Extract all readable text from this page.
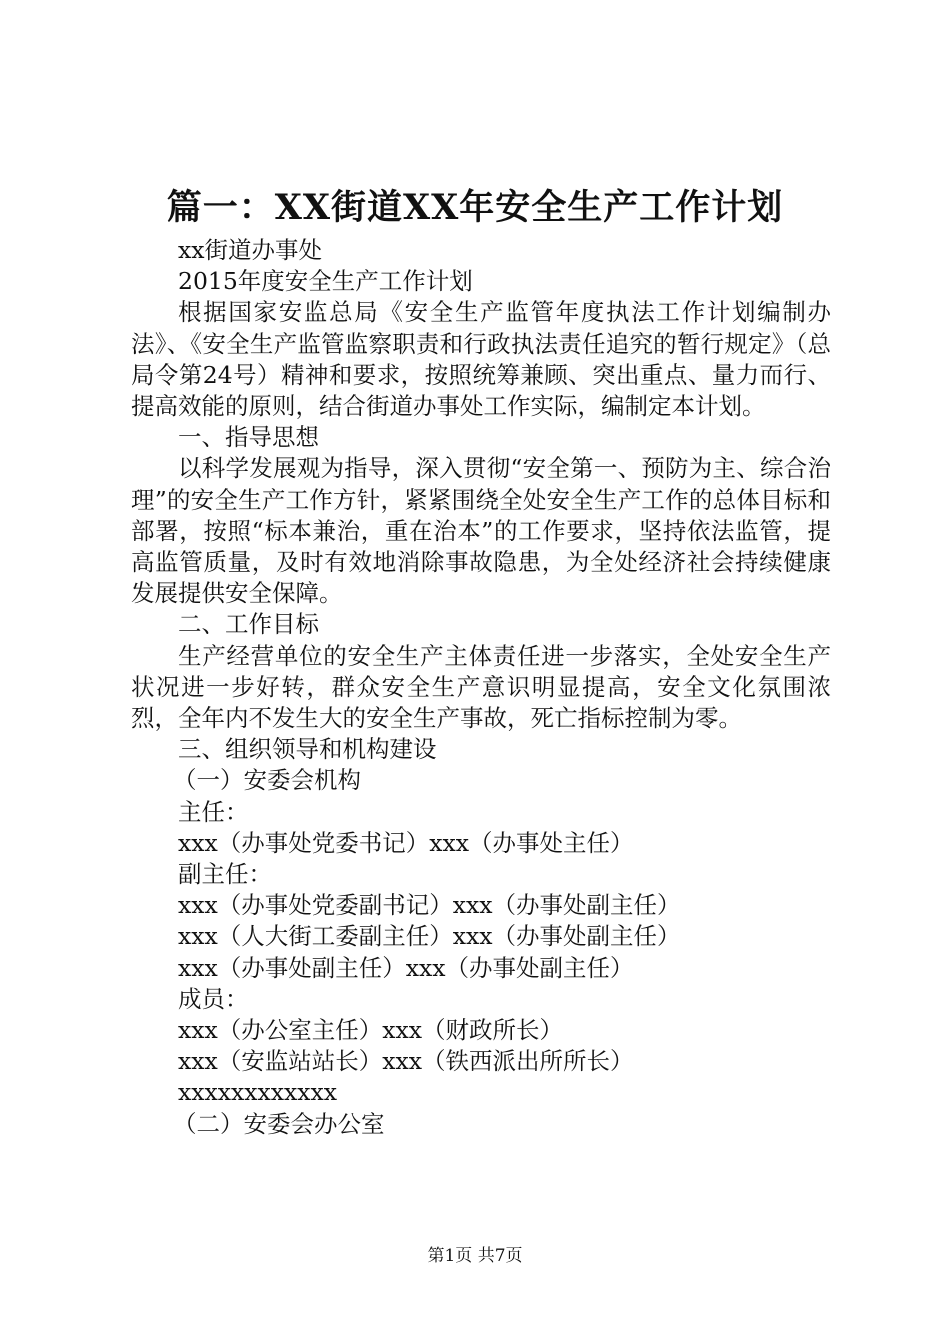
篇一：XX街道XX年安全生产工作计划

xx街道办事处

2015年度安全生产工作计划

根据国家安监总局《安全生产监管年度执法工作计划编制办法》、《安全生产监管监察职责和行政执法责任追究的暂行规定》（总局令第24号）精神和要求，按照统筹兼顾、突出重点、量力而行、提高效能的原则，结合街道办事处工作实际，编制定本计划。

一、指导思想

以科学发展观为指导，深入贯彻“安全第一、预防为主、综合治理”的安全生产工作方针，紧紧围绕全处安全生产工作的总体目标和部署，按照“标本兼治，重在治本”的工作要求，坚持依法监管，提高监管质量，及时有效地消除事故隐患，为全处经济社会持续健康发展提供安全保障。

二、工作目标

生产经营单位的安全生产主体责任进一步落实，全处安全生产状况进一步好转，群众安全生产意识明显提高，安全文化氛围浓烈，全年内不发生大的安全生产事故，死亡指标控制为零。

三、组织领导和机构建设

（一）安委会机构

主任：

xxx（办事处党委书记）xxx（办事处主任）

副主任：

xxx（办事处党委副书记）xxx（办事处副主任）

xxx（人大街工委副主任）xxx（办事处副主任）

xxx（办事处副主任）xxx（办事处副主任）

成员：

xxx（办公室主任）xxx（财政所长）

xxx（安监站站长）xxx（铁西派出所所长）

xxxxxxxxxxxx

（二）安委会办公室

第1页 共7页
